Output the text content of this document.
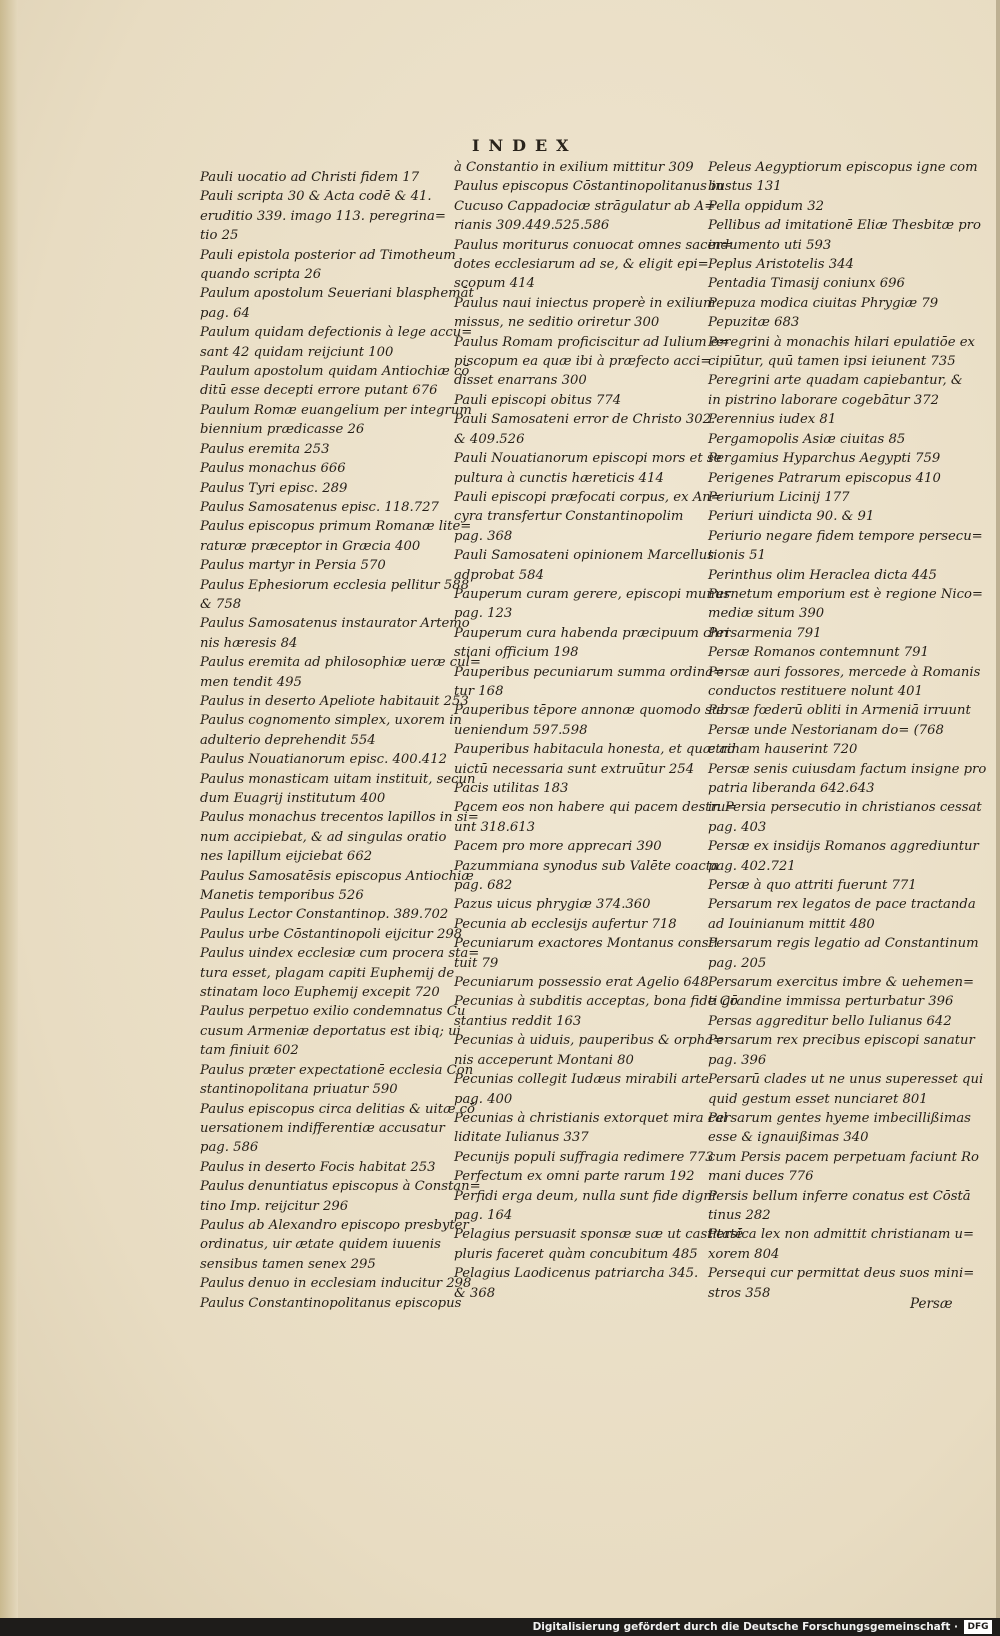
INDEX
Pauli uocatio ad Christi fidem 17
Pauli scripta 30 & Acta codē & 41.
eruditio 339. imago 113. peregrina=
tio 25
Pauli epistola posterior ad Timotheum
quando scripta 26
Paulum apostolum Seueriani blasphemāt
pag. 64
Paulum quidam defectionis à lege accu=
sant 42 quidam reijciunt 100
Paulum apostolum quidam Antiochiæ cō
ditū esse decepti errore putant 676
Paulum Romæ euangelium per integrum
biennium prædicasse 26
Paulus eremita 253
Paulus monachus 666
Paulus Tyri episc. 289
Paulus Samosatenus episc. 118.727
Paulus episcopus primum Romanæ lite=
raturæ præceptor in Græcia 400
Paulus martyr in Persia 570
Paulus Ephesiorum ecclesia pellitur 588
& 758
Paulus Samosatenus instaurator Artemo
nis hæresis 84
Paulus eremita ad philosophiæ ueræ cul=
men tendit 495
Paulus in deserto Apeliote habitauit 253
Paulus cognomento simplex, uxorem in
adulterio deprehendit 554
Paulus Nouatianorum episc. 400.412
Paulus monasticam uitam instituit, secun
dum Euagrij institutum 400
Paulus monachus trecentos lapillos in si=
num accipiebat, & ad singulas oratio
nes lapillum eijciebat 662
Paulus Samosatēsis episcopus Antiochiæ
Manetis temporibus 526
Paulus Lector Constantinop. 389.702
Paulus urbe Cōstantinopoli eijcitur 298
Paulus uindex ecclesiæ cum procera sta=
tura esset, plagam capiti Euphemij de
stinatam loco Euphemij excepit 720
Paulus perpetuo exilio condemnatus Cu
cusum Armeniæ deportatus est ibiq; ui
tam finiuit 602
Paulus præter expectationē ecclesia Con
stantinopolitana priuatur 590
Paulus episcopus circa delitias & uitæ cō
uersationem indifferentiæ accusatur
pag. 586
Paulus in deserto Focis habitat 253
Paulus denuntiatus episcopus à Constan=
tino Imp. reijcitur 296
Paulus ab Alexandro episcopo presbyter
ordinatus, uir ætate quidem iuuenis
sensibus tamen senex 295
Paulus denuo in ecclesiam inducitur 298
Paulus Constantinopolitanus episcopus
à Constantio in exilium mittitur 309
Paulus episcopus Cōstantinopolitanus in
Cucuso Cappadociæ strāgulatur ab A=
rianis 309.449.525.586
Paulus moriturus conuocat omnes sacer=
dotes ecclesiarum ad se, & eligit epi=
scopum 414
Paulus naui iniectus properè in exilium
missus, ne seditio oriretur 300
Paulus Romam proficiscitur ad Iulium e=
piscopum ea quæ ibi à præfecto acci=
disset enarrans 300
Pauli episcopi obitus 774
Pauli Samosateni error de Christo 302.
& 409.526
Pauli Nouatianorum episcopi mors et se
pultura à cunctis hæreticis 414
Pauli episcopi præfocati corpus, ex An=
cyra transfertur Constantinopolim
pag. 368
Pauli Samosateni opinionem Marcellus
adprobat 584
Pauperum curam gerere, episcopi munus
pag. 123
Pauperum cura habenda præcipuum chri
stiani officium 198
Pauperibus pecuniarum summa ordina=
tur 168
Pauperibus tēpore annonæ quomodo sub
ueniendum 597.598
Pauperibus habitacula honesta, et quæ ad
uictū necessaria sunt extruūtur 254
Pacis utilitas 183
Pacem eos non habere qui pacem destru=
unt 318.613
Pacem pro more apprecari 390
Pazummiana synodus sub Valēte coacta
pag. 682
Pazus uicus phrygiæ 374.360
Pecunia ab ecclesijs aufertur 718
Pecuniarum exactores Montanus consti
tuit 79
Pecuniarum possessio erat Agelio 648
Pecunias à subditis acceptas, bona fide Cō
stantius reddit 163
Pecunias à uiduis, pauperibus & orpha=
nis acceperunt Montani 80
Pecunias collegit Iudæus mirabili arte
pag. 400
Pecunias à christianis extorquet mira cal
liditate Iulianus 337
Pecunijs populi suffragia redimere 773
Perfectum ex omni parte rarum 192
Perfidi erga deum, nulla sunt fide digni
pag. 164
Pelagius persuasit sponsæ suæ ut castitatē
pluris faceret quàm concubitum 485
Pelagius Laodicenus patriarcha 345.
& 368
Peleus Aegyptiorum episcopus igne com
bustus 131
Pella oppidum 32
Pellibus ad imitationē Eliæ Thesbitæ pro
indumento uti 593
Peplus Aristotelis 344
Pentadia Timasij coniunx 696
Pepuza modica ciuitas Phrygiæ 79
Pepuzitæ 683
Peregrini à monachis hilari epulatiōe ex
cipiūtur, quū tamen ipsi ieiunent 735
Peregrini arte quadam capiebantur, &
in pistrino laborare cogebātur 372
Perennius iudex 81
Pergamopolis Asiæ ciuitas 85
Pergamius Hyparchus Aegypti 759
Perigenes Patrarum episcopus 410
Periurium Licinij 177
Periuri uindicta 90. & 91
Periurio negare fidem tempore persecu=
tionis 51
Perinthus olim Heraclea dicta 445
Pernetum emporium est è regione Nico=
mediæ situm 390
Persarmenia 791
Persæ Romanos contemnunt 791
Persæ auri fossores, mercede à Romanis
conductos restituere nolunt 401
Persæ fœderū obliti in Armeniā irruunt
Persæ unde Nestorianam do= (768
ctrinam hauserint 720
Persæ senis cuiusdam factum insigne pro
patria liberanda 642.643
in Persia persecutio in christianos cessat
pag. 403
Persæ ex insidijs Romanos aggrediuntur
pag. 402.721
Persæ à quo attriti fuerunt 771
Persarum rex legatos de pace tractanda
ad Iouinianum mittit 480
Persarum regis legatio ad Constantinum
pag. 205
Persarum exercitus imbre & uehemen=
ti grandine immissa perturbatur 396
Persas aggreditur bello Iulianus 642
Persarum rex precibus episcopi sanatur
pag. 396
Persarū clades ut ne unus superesset qui
quid gestum esset nunciaret 801
Persarum gentes hyeme imbecillißimas
esse & ignauißimas 340
cum Persis pacem perpetuam faciunt Ro
mani duces 776
Persis bellum inferre conatus est Cōstā
tinus 282
Persica lex non admittit christianam u=
xorem 804
Persequi cur permittat deus suos mini=
stros 358
Persæ
Digitalisierung gefördert durch die Deutsche Forschungsgemeinschaft ·	DFG
